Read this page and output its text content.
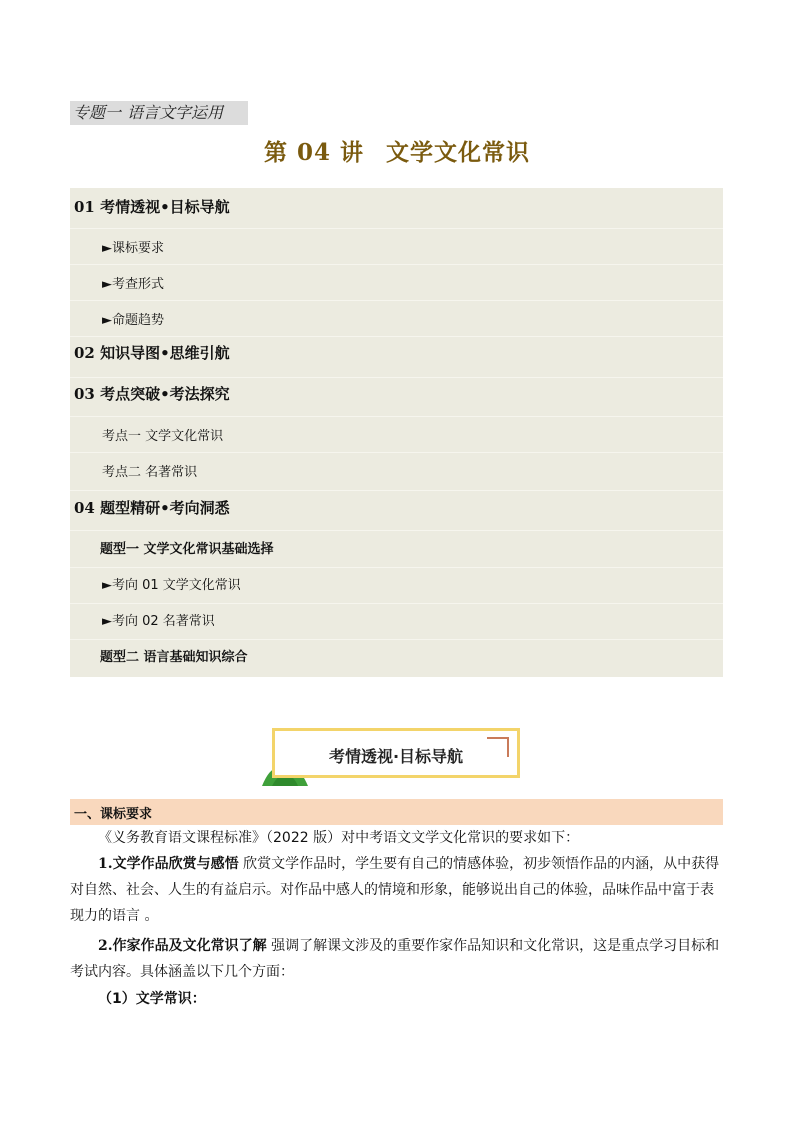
专题一 语言文字运用
第 04 讲 文学文化常识
01 考情透视•目标导航
►课标要求
►考查形式
►命题趋势
02 知识导图•思维引航
03 考点突破•考法探究
考点一 文学文化常识
考点二 名著常识
04 题型精研•考向洞悉
题型一 文学文化常识基础选择
►考向 01 文学文化常识
►考向 02 名著常识
题型二 语言基础知识综合
考情透视·目标导航
一、课标要求
《义务教育语文课程标准》（2022 版）对中考语文文学文化常识的要求如下：
1.文学作品欣赏与感悟 欣赏文学作品时，学生要有自己的情感体验，初步领悟作品的内涵，从中获得对自然、社会、人生的有益启示。对作品中感人的情境和形象，能够说出自己的体验，品味作品中富于表现力的语言 。
2.作家作品及文化常识了解 强调了解课文涉及的重要作家作品知识和文化常识，这是重点学习目标和考试内容。具体涵盖以下几个方面：
（1）文学常识：
